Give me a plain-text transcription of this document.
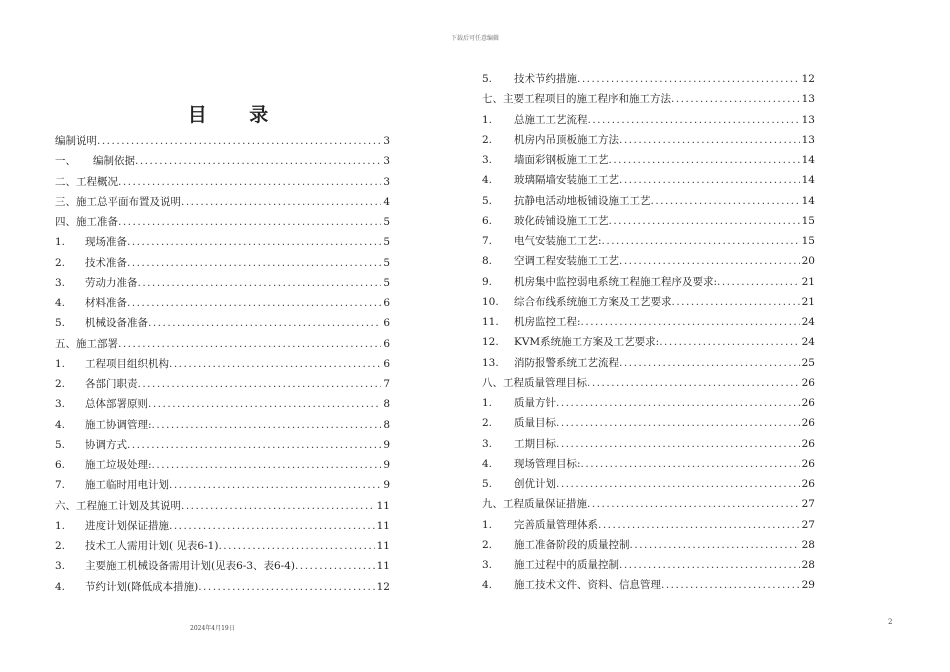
下载后可任意编辑
目 录
编制说明 .....	3
一、	编制依据 .....	3
二、工程概况 .....	3
三、施工总平面布置及说明 .....	4
四、施工准备 .....	5
1.	现场准备 .....	5
2.	技术准备 .....	5
3.	劳动力准备 .....	5
4.	材料准备 .....	6
5.	机械设备准备 .....	6
五、施工部署 .....	6
1.	工程项目组织机构 .....	6
2.	各部门职责 .....	7
3.	总体部署原则 .....	8
4.	施工协调管理: .....	8
5.	协调方式 .....	9
6.	施工垃圾处理: .....	9
7.	施工临时用电计划 .....	9
六、工程施工计划及其说明 .....	11
1.	进度计划保证措施 .....	11
2.	技术工人需用计划( 见表6-1) .....	11
3.	主要施工机械设备需用计划(见表6-3、表6-4) .....	11
4.	节约计划(降低成本措施) .....	12
5.	技术节约措施 .....	12
七、主要工程项目的施工程序和施工方法 .....	13
1.	总施工工艺流程 .....	13
2.	机房内吊顶板施工方法 .....	13
3.	墙面彩钢板施工工艺 .....	14
4.	玻璃隔墙安装施工工艺 .....	14
5.	抗静电活动地板铺设施工工艺 .....	14
6.	玻化砖铺设施工工艺 .....	15
7.	电气安装施工工艺: .....	15
8.	空调工程安装施工工艺 .....	20
9.	机房集中监控弱电系统工程施工程序及要求: .....	21
10.	综合布线系统施工方案及工艺要求 .....	21
11.	机房监控工程: .....	24
12.	KVM系统施工方案及工艺要求: .....	24
13.	消防报警系统工艺流程 .....	25
八、工程质量管理目标 .....	26
1.	质量方针 .....	26
2.	质量目标 .....	26
3.	工期目标 .....	26
4.	现场管理目标: .....	26
5.	创优计划 .....	26
九、工程质量保证措施 .....	27
1.	完善质量管理体系 .....	27
2.	施工准备阶段的质量控制 .....	28
3.	施工过程中的质量控制 .....	28
4.	施工技术文件、资料、信息管理 .....	29
2024年4月19日
2
